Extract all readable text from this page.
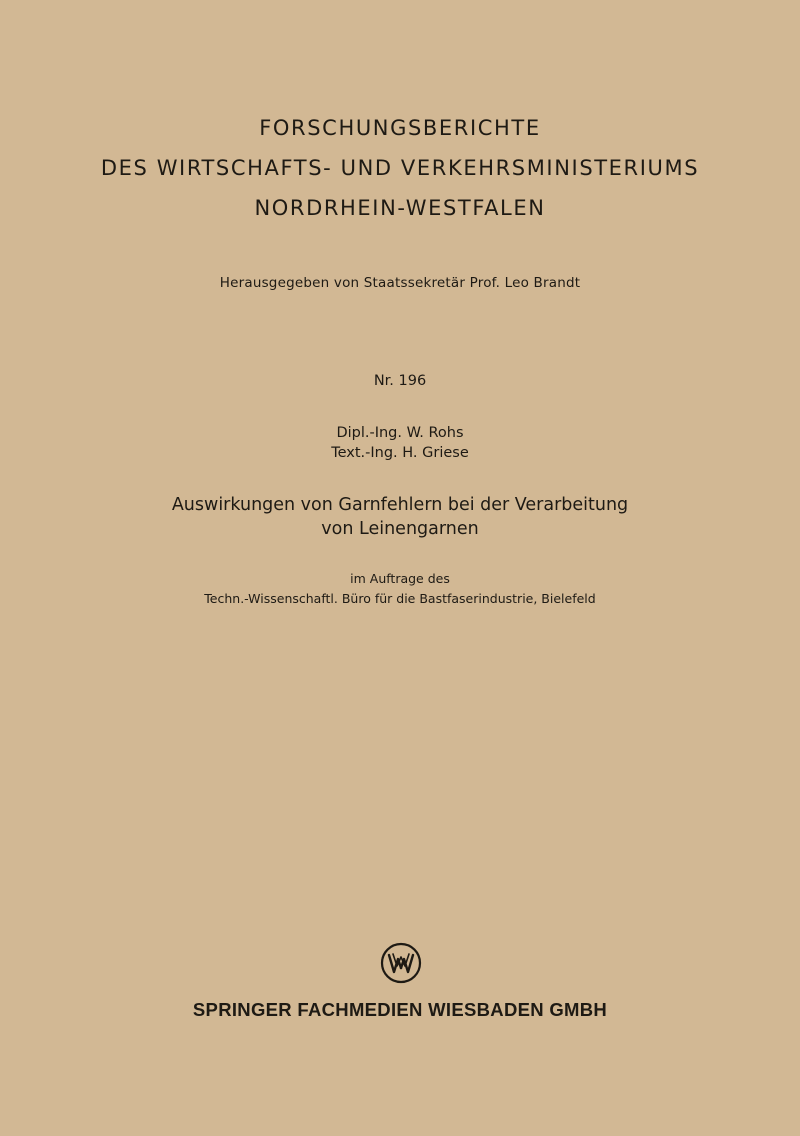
FORSCHUNGSBERICHTE
DES WIRTSCHAFTS- UND VERKEHRSMINISTERIUMS
NORDRHEIN-WESTFALEN
Herausgegeben von Staatssekretär Prof. Leo Brandt
Nr. 196
Dipl.-Ing. W. Rohs
Text.-Ing. H. Griese
Auswirkungen von Garnfehlern bei der Verarbeitung
von Leinengarnen
im Auftrage des
Techn.-Wissenschaftl. Büro für die Bastfaserindustrie, Bielefeld
SPRINGER FACHMEDIEN WIESBADEN GMBH
